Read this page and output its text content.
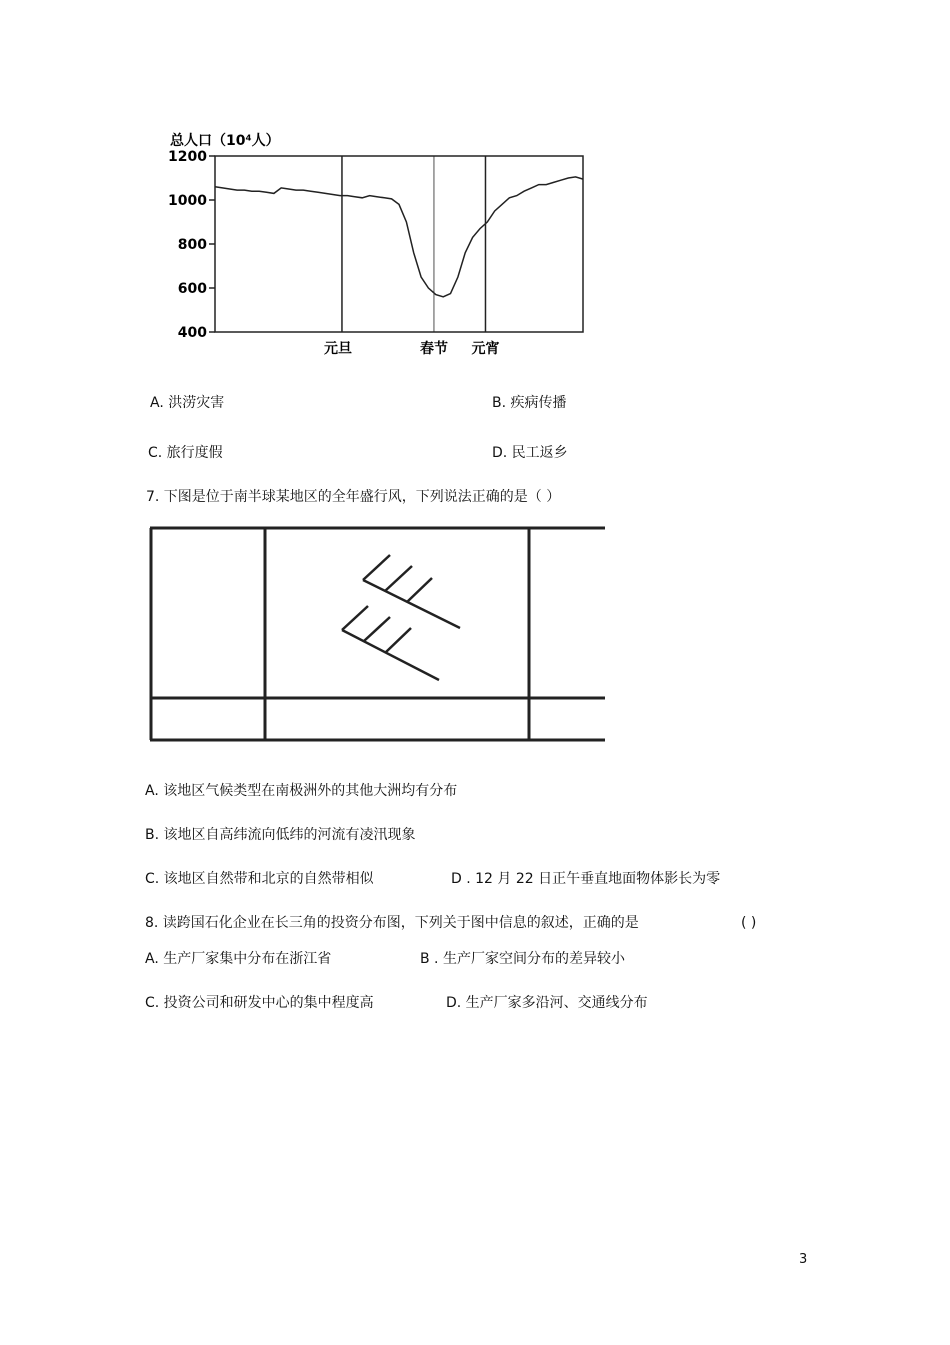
总人口（10⁴人）
1200
1000
800
600
400
元旦	春节 元宵
A. 洪涝灾害	B. 疾病传播
C. 旅行度假	D. 民工返乡
7. 下图是位于南半球某地区的全年盛行风，下列说法正确的是（ ）
A. 该地区气候类型在南极洲外的其他大洲均有分布
B. 该地区自高纬流向低纬的河流有凌汛现象
C. 该地区自然带和北京的自然带相似	D . 12 月 22 日正午垂直地面物体影长为零
8. 读跨国石化企业在长三角的投资分布图，下列关于图中信息的叙述，正确的是	( )
A. 生产厂家集中分布在浙江省	B . 生产厂家空间分布的差异较小
C. 投资公司和研发中心的集中程度高	D. 生产厂家多沿河、交通线分布
3
